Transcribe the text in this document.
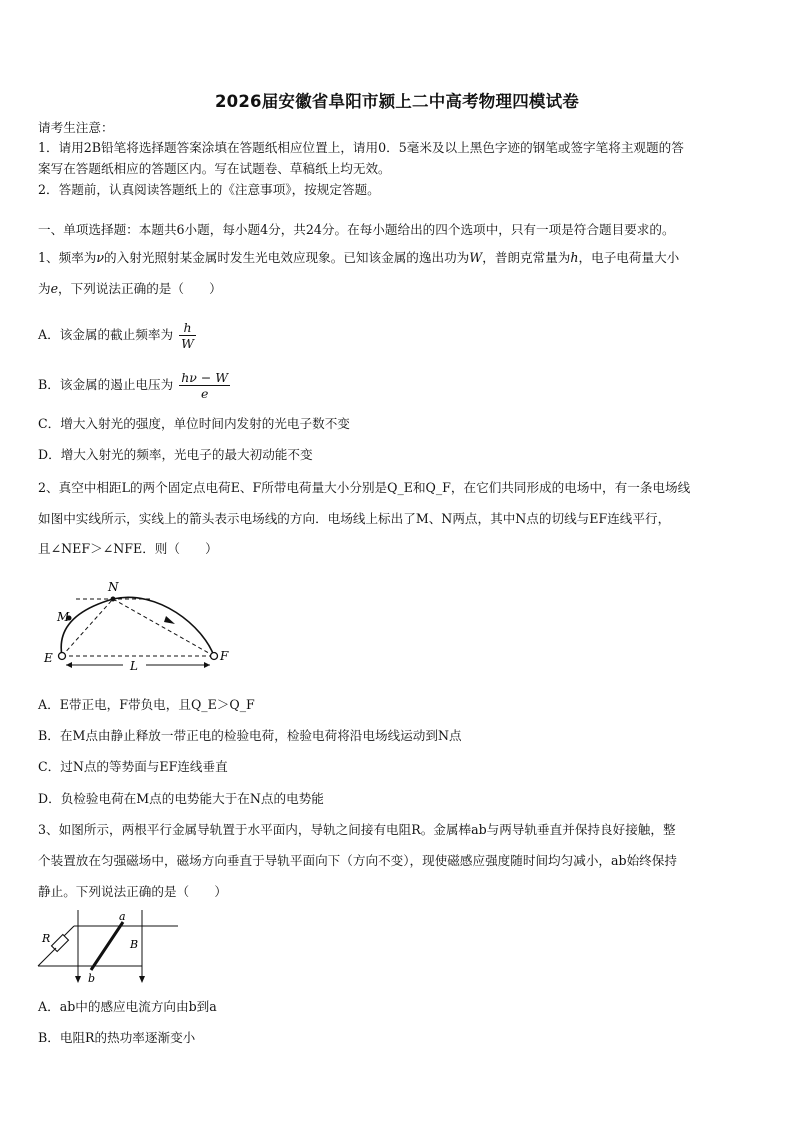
2026届安徽省阜阳市颍上二中高考物理四模试卷
请考生注意：
1．请用2B铅笔将选择题答案涂填在答题纸相应位置上，请用0．5毫米及以上黑色字迹的钢笔或签字笔将主观题的答
案写在答题纸相应的答题区内。写在试题卷、草稿纸上均无效。
2．答题前，认真阅读答题纸上的《注意事项》，按规定答题。
一、单项选择题：本题共6小题，每小题4分，共24分。在每小题给出的四个选项中，只有一项是符合题目要求的。
1、频率为ν的入射光照射某金属时发生光电效应现象。已知该金属的逸出功为W，普朗克常量为h，电子电荷量大小
为e，下列说法正确的是（　　）
A．该金属的截止频率为 $\frac{h}{W}$
B．该金属的遏止电压为 $\frac{h\nu - W}{e}$
C．增大入射光的强度，单位时间内发射的光电子数不变
D．增大入射光的频率，光电子的最大初动能不变
2、真空中相距L的两个固定点电荷E、F所带电荷量大小分别是Q_E和Q_F，在它们共同形成的电场中，有一条电场线
如图中实线所示，实线上的箭头表示电场线的方向．电场线上标出了M、N两点，其中N点的切线与EF连线平行，
且∠NEF＞∠NFE．则（　　）
N
M
E	F
L
A．E带正电，F带负电，且Q_E＞Q_F
B．在M点由静止释放一带正电的检验电荷，检验电荷将沿电场线运动到N点
C．过N点的等势面与EF连线垂直
D．负检验电荷在M点的电势能大于在N点的电势能
3、如图所示，两根平行金属导轨置于水平面内，导轨之间接有电阻R。金属棒ab与两导轨垂直并保持良好接触，整
个装置放在匀强磁场中，磁场方向垂直于导轨平面向下（方向不变），现使磁感应强度随时间均匀减小，ab始终保持
静止。下列说法正确的是（　　）
R
a
b
B
A．ab中的感应电流方向由b到a
B．电阻R的热功率逐渐变小
